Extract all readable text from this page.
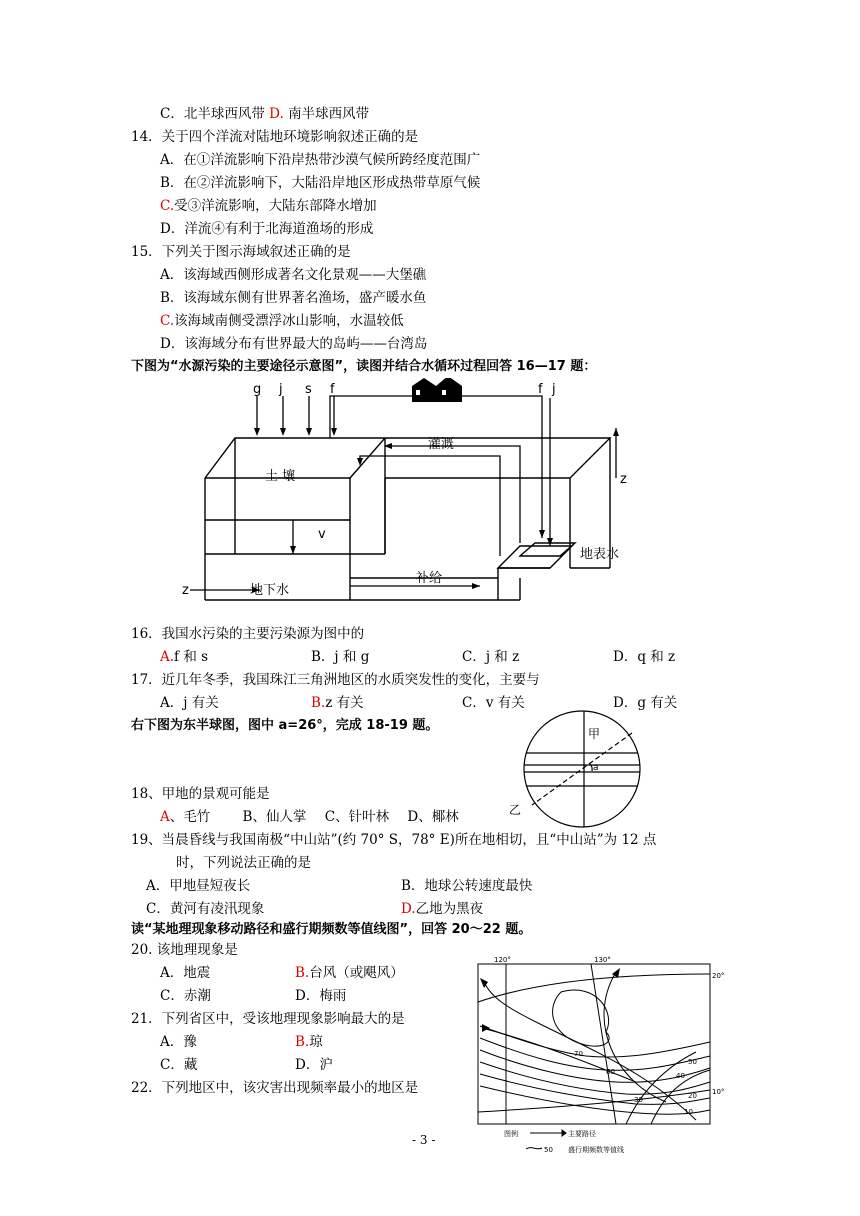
C．北半球西风带 D. 南半球西风带
14．关于四个洋流对陆地环境影响叙述正确的是
A．在①洋流影响下沿岸热带沙漠气候所跨经度范围广
B．在②洋流影响下，大陆沿岸地区形成热带草原气候
C.受③洋流影响，大陆东部降水增加
D．洋流④有利于北海道渔场的形成
15．下列关于图示海域叙述正确的是
A．该海域西侧形成著名文化景观——大堡礁
B．该海域东侧有世界著名渔场，盛产暖水鱼
C.该海域南侧受漂浮冰山影响，水温较低
D．该海域分布有世界最大的岛屿——台湾岛
下图为“水源污染的主要途径示意图”，读图并结合水循环过程回答 16—17 题：
g j s f	f j
灌溉
土 壤
v
z
地表水
z	地下水
补给
16．我国水污染的主要污染源为图中的
A.f 和 s	B．j 和 g	C．j 和 z	D．q 和 z
17．近几年冬季，我国珠江三角洲地区的水质突发性的变化，主要与
A．j 有关	B.z 有关	C．v 有关	D．g 有关
右下图为东半球图，图中 a=26°，完成 18-19 题。
甲
乙
a
18、甲地的景观可能是
A、毛竹 B、仙人掌 C、针叶林 D、椰林
19、当晨昏线与我国南极“中山站”(约 70° S，78° E)所在地相切，且“中山站”为 12 点
时，下列说法正确的是
A．甲地昼短夜长	B．地球公转速度最快
C．黄河有凌汛现象	D.乙地为黑夜
读“某地理现象移动路径和盛行期频数等值线图”，回答 20～22 题。
20. 该地理现象是
A．地震	B.台风（或飓风）
C．赤潮	D．梅雨
21．下列省区中，受该地理现象影响最大的是
A．豫	B.琼
C．藏	D．沪
22．下列地区中，该灾害出现频率最小的地区是
120°	130°
20°
10°
70
60
50
40
30	20
10
图例	主要路径
50 盛行期频数等值线
- 3 -
